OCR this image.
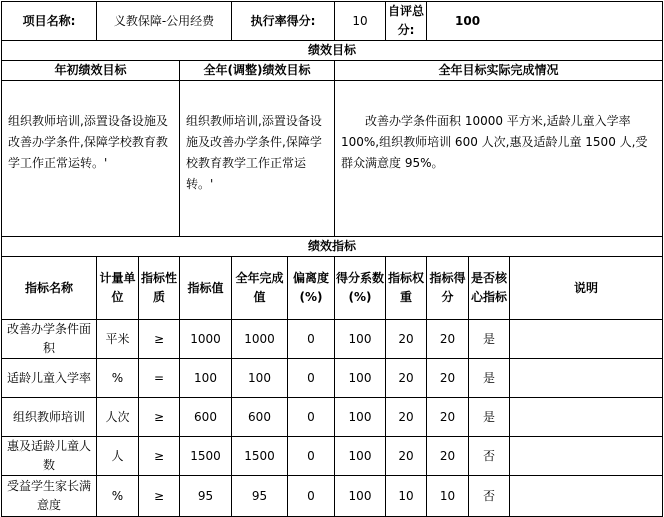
项目名称:	义教保障-公用经费			执行率得分:		10	自评总分:	100		
绩效目标										
年初绩效目标			全年(调整)绩效目标			全年目标实际完成情况				
组织教师培训,添置设备设施及改善办学条件,保障学校教育教学工作正常运转。'			组织教师培训,添置设备设施及改善办学条件,保障学校教育教学工作正常运转。'			改善办学条件面积 10000 平方米,适龄儿童入学率 100%,组织教师培训 600 人次,惠及适龄儿童 1500 人,受群众满意度 95%。				
绩效指标										
指标名称	计量单位	指标性质	指标值	全年完成值	偏离度(%)	得分系数(%)	指标权重	指标得分	是否核心指标	说明
改善办学条件面积	平米	≥	1000	1000	0	100	20	20	是	
适龄儿童入学率	%	=	100	100	0	100	20	20	是	
组织教师培训	人次	≥	600	600	0	100	20	20	是	
惠及适龄儿童人数	人	≥	1500	1500	0	100	20	20	否	
受益学生家长满意度	%	≥	95	95	0	100	10	10	否	
